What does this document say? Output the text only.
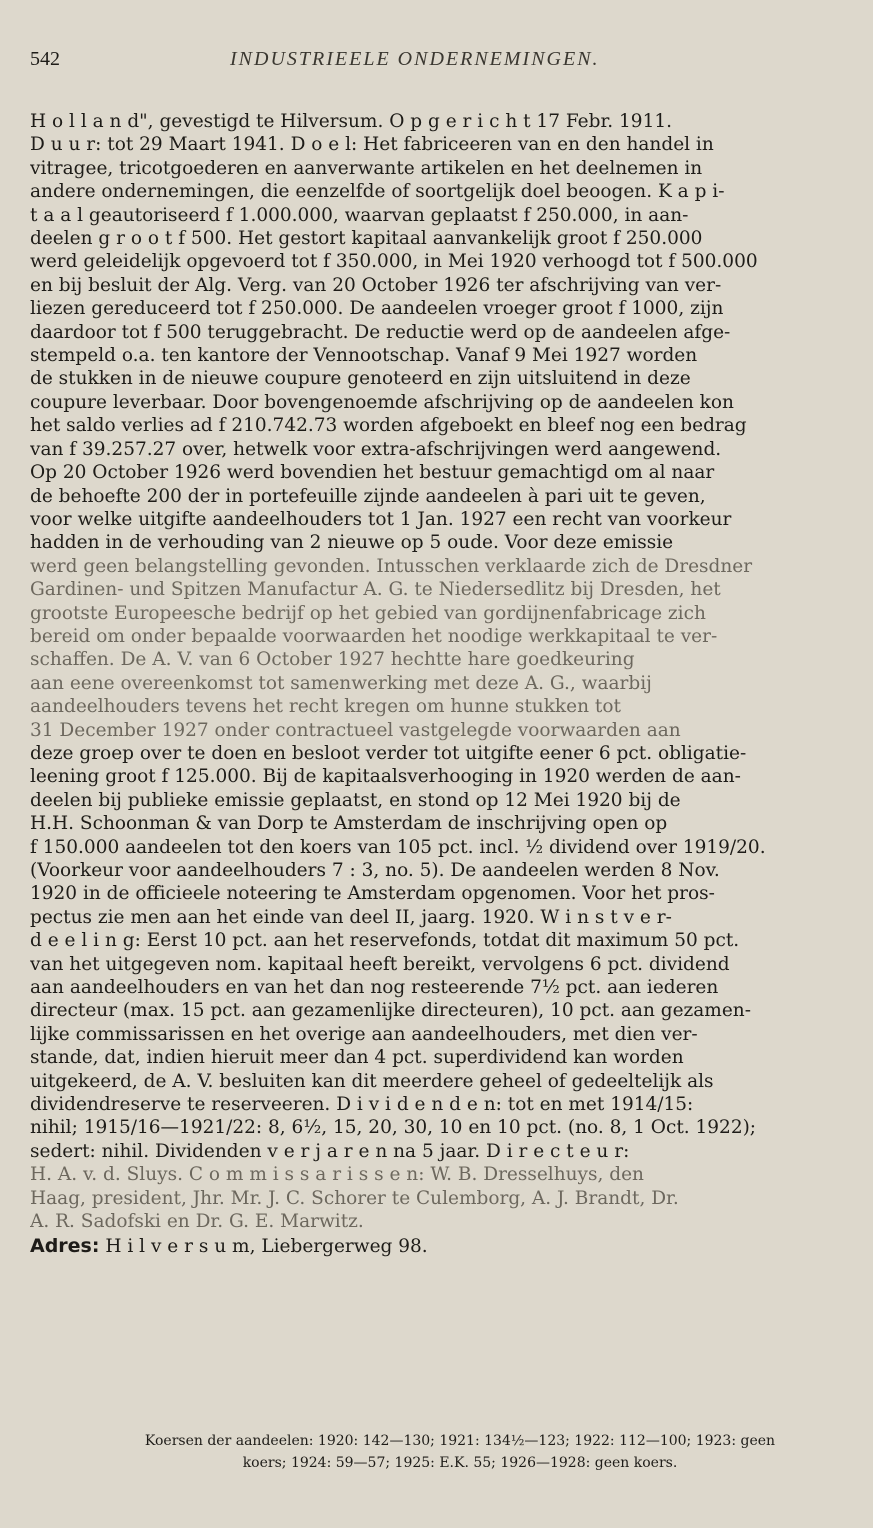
542	INDUSTRIEELE ONDERNEMINGEN.
H o l l a n d", gevestigd te Hilversum. O p g e r i c h t 17 Febr. 1911.
D u u r: tot 29 Maart 1941. D o e l: Het fabriceeren van en den handel in
vitragee, tricotgoederen en aanverwante artikelen en het deelnemen in
andere ondernemingen, die eenzelfde of soortgelijk doel beoogen. K a p i-
t a a l geautoriseerd f 1.000.000, waarvan geplaatst f 250.000, in aan-
deelen g r o o t f 500. Het gestort kapitaal aanvankelijk groot f 250.000
werd geleidelijk opgevoerd tot f 350.000, in Mei 1920 verhoogd tot f 500.000
en bij besluit der Alg. Verg. van 20 October 1926 ter afschrijving van ver-
liezen gereduceerd tot f 250.000. De aandeelen vroeger groot f 1000, zijn
daardoor tot f 500 teruggebracht. De reductie werd op de aandeelen afge-
stempeld o.a. ten kantore der Vennootschap. Vanaf 9 Mei 1927 worden
de stukken in de nieuwe coupure genoteerd en zijn uitsluitend in deze
coupure leverbaar. Door bovengenoemde afschrijving op de aandeelen kon
het saldo verlies ad f 210.742.73 worden afgeboekt en bleef nog een bedrag
van f 39.257.27 over, hetwelk voor extra-afschrijvingen werd aangewend.
Op 20 October 1926 werd bovendien het bestuur gemachtigd om al naar
de behoefte 200 der in portefeuille zijnde aandeelen à pari uit te geven,
voor welke uitgifte aandeelhouders tot 1 Jan. 1927 een recht van voorkeur
hadden in de verhouding van 2 nieuwe op 5 oude. Voor deze emissie
werd geen belangstelling gevonden. Intusschen verklaarde zich de Dresdner
Gardinen- und Spitzen Manufactur A. G. te Niedersedlitz bij Dresden, het
grootste Europeesche bedrijf op het gebied van gordijnenfabricage zich
bereid om onder bepaalde voorwaarden het noodige werkkapitaal te ver-
schaffen. De A. V. van 6 October 1927 hechtte hare goedkeuring
aan eene overeenkomst tot samenwerking met deze A. G., waarbij
aandeelhouders tevens het recht kregen om hunne stukken tot
31 December 1927 onder contractueel vastgelegde voorwaarden aan
deze groep over te doen en besloot verder tot uitgifte eener 6 pct. obligatie-
leening groot f 125.000. Bij de kapitaalsverhooging in 1920 werden de aan-
deelen bij publieke emissie geplaatst, en stond op 12 Mei 1920 bij de
H.H. Schoonman & van Dorp te Amsterdam de inschrijving open op
f 150.000 aandeelen tot den koers van 105 pct. incl. ½ dividend over 1919/20.
(Voorkeur voor aandeelhouders 7 : 3, no. 5). De aandeelen werden 8 Nov.
1920 in de officieele noteering te Amsterdam opgenomen. Voor het pros-
pectus zie men aan het einde van deel II, jaarg. 1920. W i n s t v e r-
d e e l i n g: Eerst 10 pct. aan het reservefonds, totdat dit maximum 50 pct.
van het uitgegeven nom. kapitaal heeft bereikt, vervolgens 6 pct. dividend
aan aandeelhouders en van het dan nog resteerende 7½ pct. aan iederen
directeur (max. 15 pct. aan gezamenlijke directeuren), 10 pct. aan gezamen-
lijke commissarissen en het overige aan aandeelhouders, met dien ver-
stande, dat, indien hieruit meer dan 4 pct. superdividend kan worden
uitgekeerd, de A. V. besluiten kan dit meerdere geheel of gedeeltelijk als
dividendreserve te reserveeren. D i v i d e n d e n: tot en met 1914/15:
nihil; 1915/16—1921/22: 8, 6½, 15, 20, 30, 10 en 10 pct. (no. 8, 1 Oct. 1922);
sedert: nihil. Dividenden v e r j a r e n na 5 jaar. D i r e c t e u r:
H. A. v. d. Sluys. C o m m i s s a r i s s e n: W. B. Dresselhuys, den
Haag, president, Jhr. Mr. J. C. Schorer te Culemborg, A. J. Brandt, Dr.
A. R. Sadofski en Dr. G. E. Marwitz.
Adres: H i l v e r s u m, Liebergerweg 98.
Koersen der aandeelen: 1920: 142—130; 1921: 134½—123; 1922: 112—100; 1923: geen
koers; 1924: 59—57; 1925: E.K. 55; 1926—1928: geen koers.
